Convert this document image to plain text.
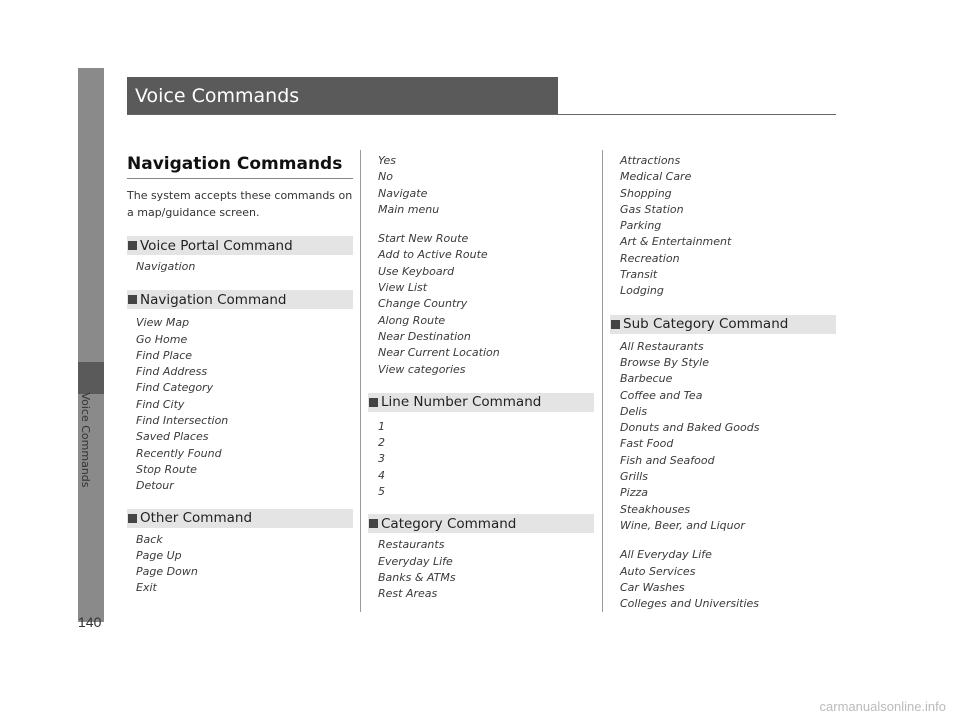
Voice Commands
140
Voice Commands
Navigation Commands
The system accepts these commands on a map/guidance screen.
Voice Portal Command
Navigation
Navigation Command
View Map
Go Home
Find Place
Find Address
Find Category
Find City
Find Intersection
Saved Places
Recently Found
Stop Route
Detour
Other Command
Back
Page Up
Page Down
Exit
Yes
No
Navigate
Main menu
Start New Route
Add to Active Route
Use Keyboard
View List
Change Country
Along Route
Near Destination
Near Current Location
View categories
Line Number Command
1
2
3
4
5
Category Command
Restaurants
Everyday Life
Banks & ATMs
Rest Areas
Attractions
Medical Care
Shopping
Gas Station
Parking
Art & Entertainment
Recreation
Transit
Lodging
Sub Category Command
All Restaurants
Browse By Style
Barbecue
Coffee and Tea
Delis
Donuts and Baked Goods
Fast Food
Fish and Seafood
Grills
Pizza
Steakhouses
Wine, Beer, and Liquor
All Everyday Life
Auto Services
Car Washes
Colleges and Universities
carmanualsonline.info
